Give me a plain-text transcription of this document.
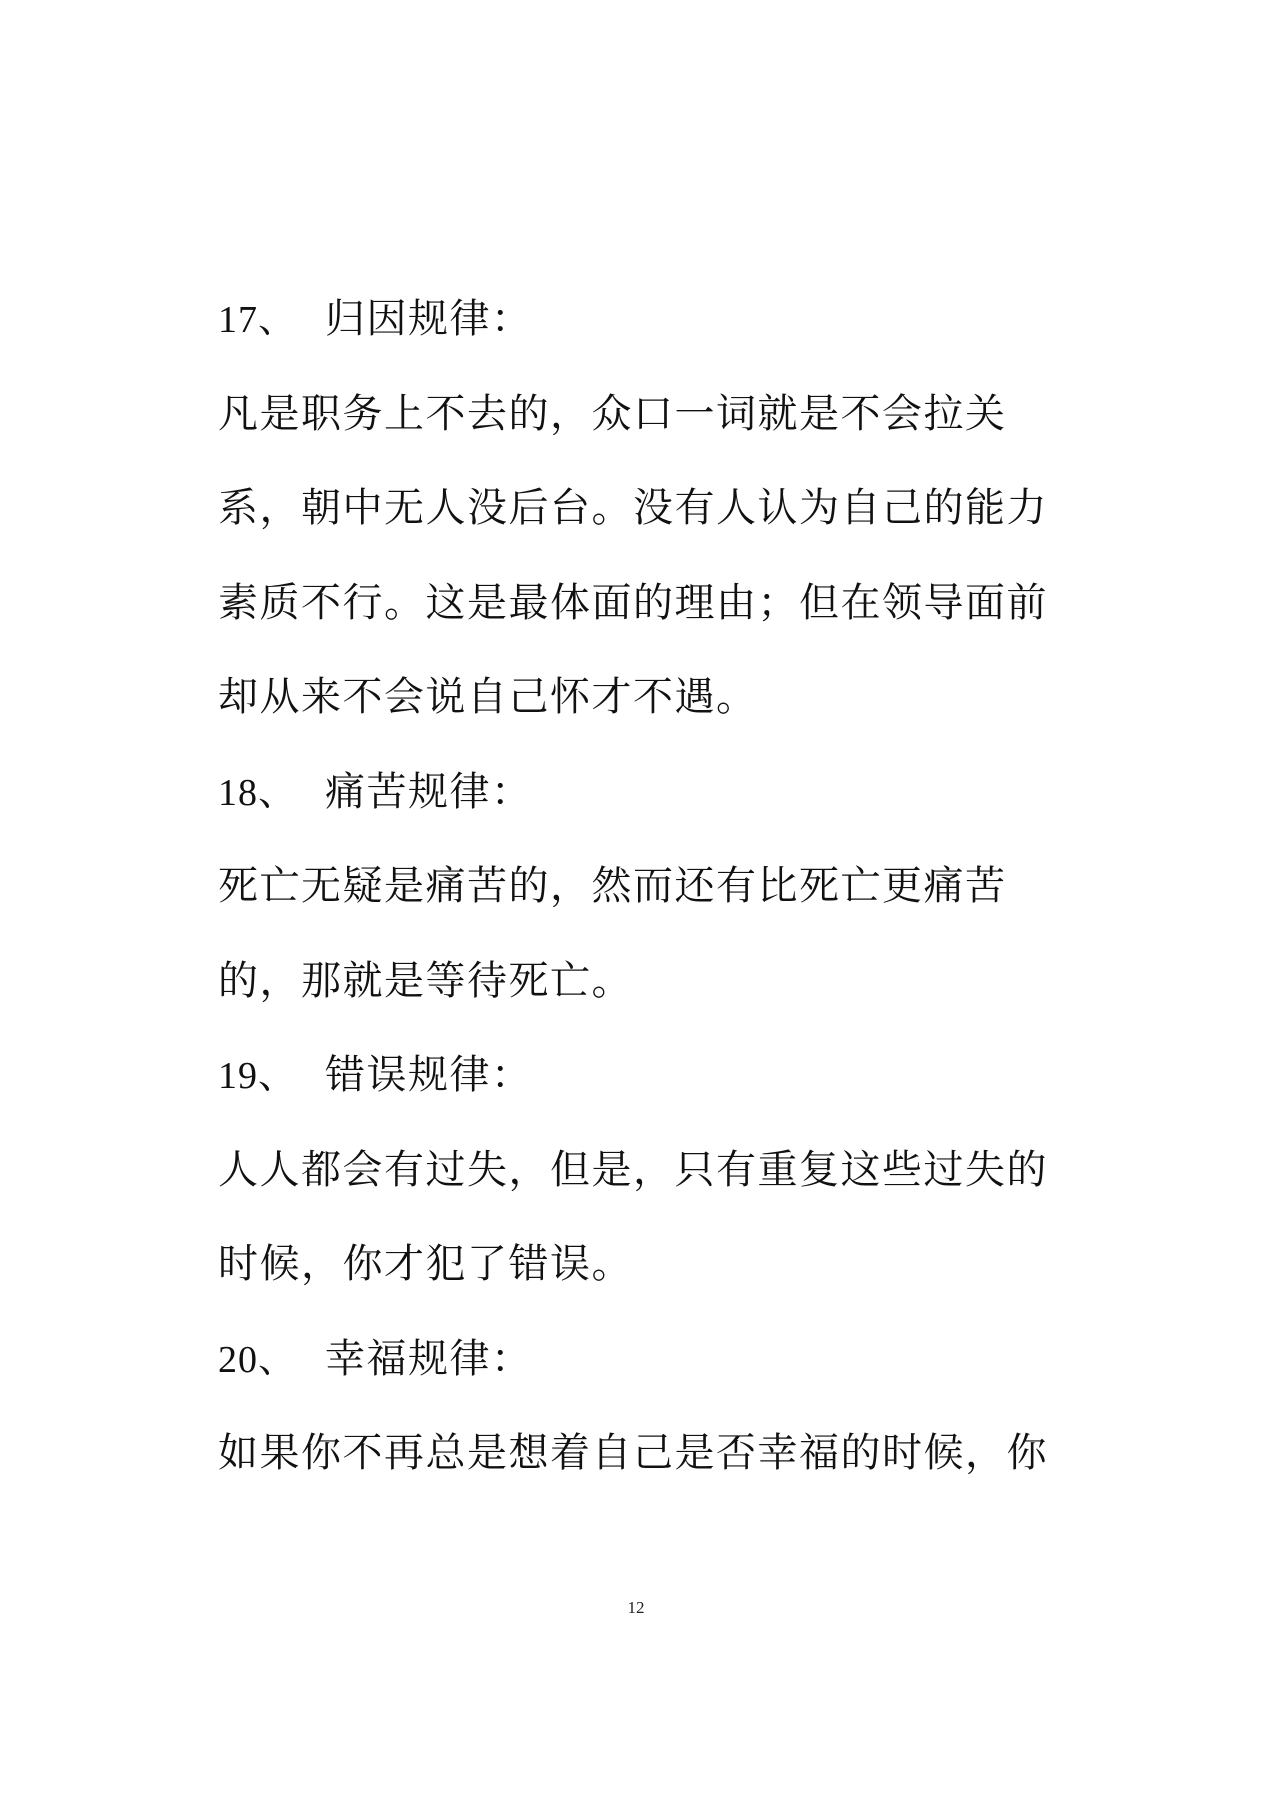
17、 归因规律：

凡是职务上不去的，众口一词就是不会拉关

系，朝中无人没后台。没有人认为自己的能力

素质不行。这是最体面的理由；但在领导面前

却从来不会说自己怀才不遇。

18、 痛苦规律：

死亡无疑是痛苦的，然而还有比死亡更痛苦

的，那就是等待死亡。

19、 错误规律：

人人都会有过失，但是，只有重复这些过失的

时候，你才犯了错误。

20、 幸福规律：

如果你不再总是想着自己是否幸福的时候，你

12
